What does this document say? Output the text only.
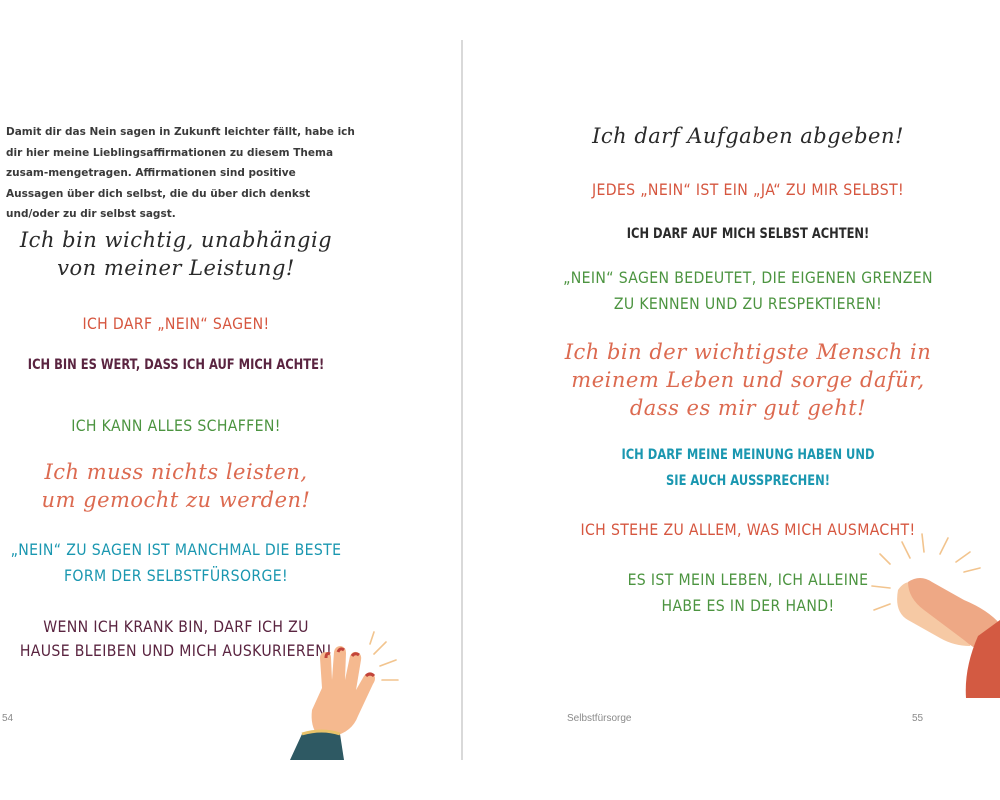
Damit dir das Nein sagen in Zukunft leichter fällt, habe ich dir hier meine Lieblingsaffirmationen zu diesem Thema zusam-mengetragen. Affirmationen sind positive Aussagen über dich selbst, die du über dich denkst und/oder zu dir selbst sagst.

Ich bin wichtig, unabhängig
von meiner Leistung!
ICH DARF „NEIN“ SAGEN!
ICH BIN ES WERT, DASS ICH AUF MICH ACHTE!
ICH KANN ALLES SCHAFFEN!
Ich muss nichts leisten,
um gemocht zu werden!
„NEIN“ ZU SAGEN IST MANCHMAL DIE BESTE
FORM DER SELBSTFÜRSORGE!
WENN ICH KRANK BIN, DARF ICH ZU
HAUSE BLEIBEN UND MICH AUSKURIEREN!
54
Ich darf Aufgaben abgeben!
JEDES „NEIN“ IST EIN „JA“ ZU MIR SELBST!
ICH DARF AUF MICH SELBST ACHTEN!
„NEIN“ SAGEN BEDEUTET, DIE EIGENEN GRENZEN
ZU KENNEN UND ZU RESPEKTIEREN!
Ich bin der wichtigste Mensch in
meinem Leben und sorge dafür,
dass es mir gut geht!
ICH DARF MEINE MEINUNG HABEN UND
SIE AUCH AUSSPRECHEN!
ICH STEHE ZU ALLEM, WAS MICH AUSMACHT!
ES IST MEIN LEBEN, ICH ALLEINE
HABE ES IN DER HAND!
Selbstfürsorge	55
